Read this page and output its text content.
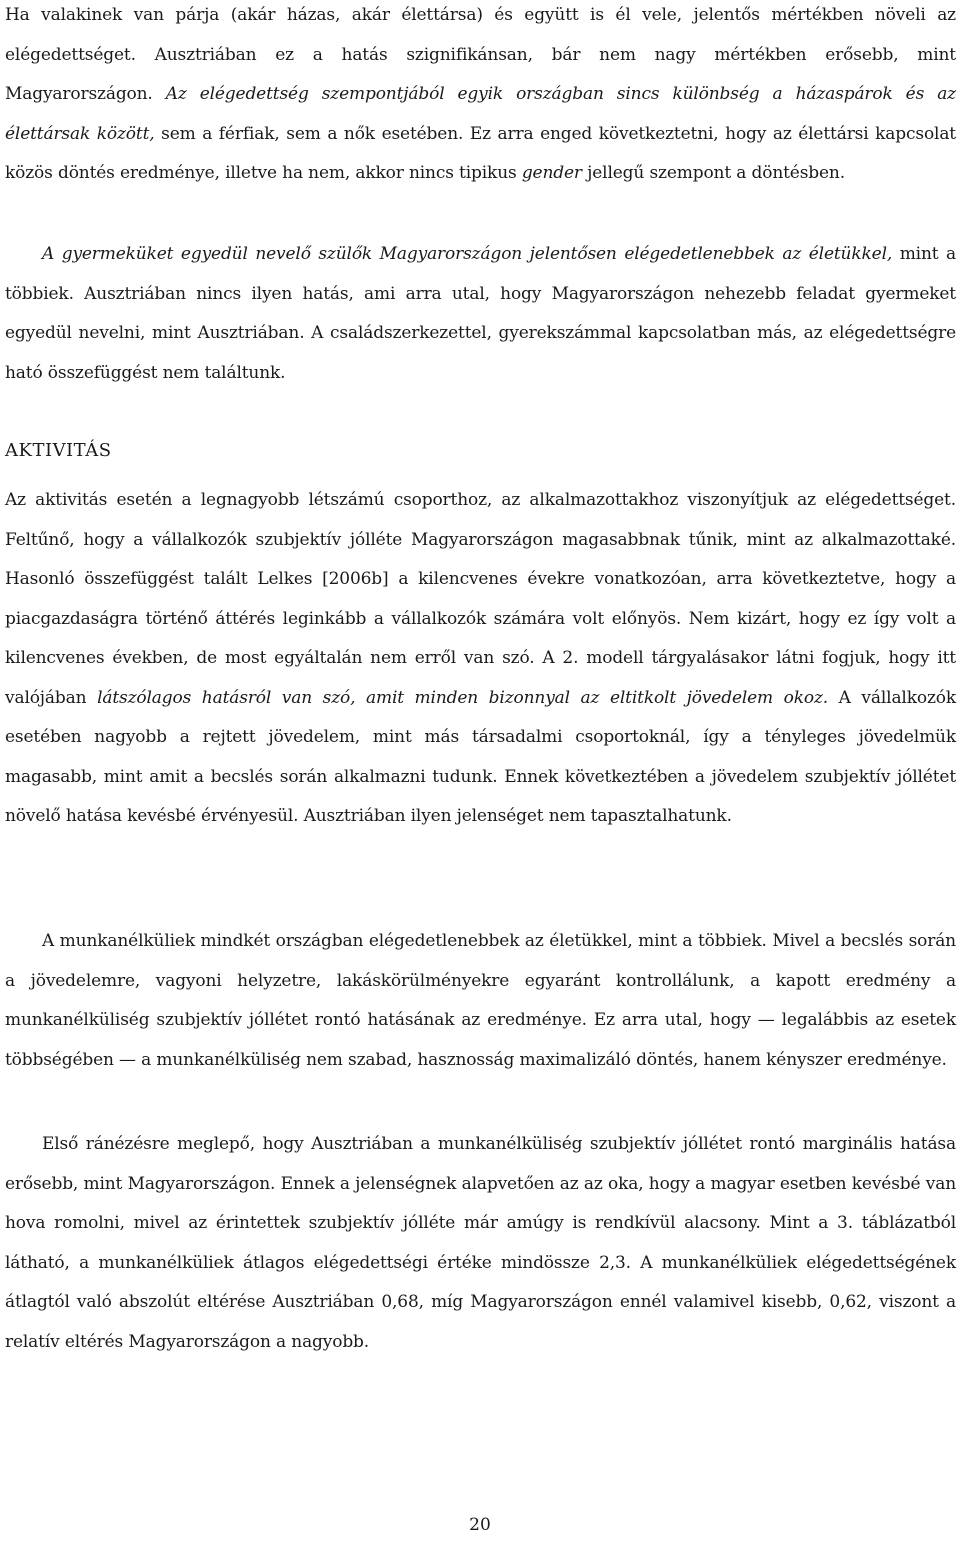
Ha valakinek van párja (akár házas, akár élettársa) és együtt is él vele, jelentős mértékben növeli az elégedettséget. Ausztriában ez a hatás szignifikánsan, bár nem nagy mértékben erősebb, mint Magyarországon. Az elégedettség szempontjából egyik országban sincs különbség a házaspárok és az élettársak között, sem a férfiak, sem a nők esetében. Ez arra enged következtetni, hogy az élettársi kapcsolat közös döntés eredménye, illetve ha nem, akkor nincs tipikus gender jellegű szempont a döntésben.

A gyermeküket egyedül nevelő szülők Magyarországon jelentősen elégedetlenebbek az életükkel, mint a többiek. Ausztriában nincs ilyen hatás, ami arra utal, hogy Magyarországon nehezebb feladat gyermeket egyedül nevelni, mint Ausztriában. A családszerkezettel, gyerekszámmal kapcsolatban más, az elégedettségre ható összefüggést nem találtunk.

AKTIVITÁS

Az aktivitás esetén a legnagyobb létszámú csoporthoz, az alkalmazottakhoz viszonyítjuk az elégedettséget. Feltűnő, hogy a vállalkozók szubjektív jólléte Magyarországon magasabbnak tűnik, mint az alkalmazottaké. Hasonló összefüggést talált Lelkes [2006b] a kilencvenes évekre vonatkozóan, arra következtetve, hogy a piacgazdaságra történő áttérés leginkább a vállalkozók számára volt előnyös. Nem kizárt, hogy ez így volt a kilencvenes években, de most egyáltalán nem erről van szó. A 2. modell tárgyalásakor látni fogjuk, hogy itt valójában látszólagos hatásról van szó, amit minden bizonnyal az eltitkolt jövedelem okoz. A vállalkozók esetében nagyobb a rejtett jövedelem, mint más társadalmi csoportoknál, így a tényleges jövedelmük magasabb, mint amit a becslés során alkalmazni tudunk. Ennek következtében a jövedelem szubjektív jóllétet növelő hatása kevésbé érvényesül. Ausztriában ilyen jelenséget nem tapasztalhatunk.

A munkanélküliek mindkét országban elégedetlenebbek az életükkel, mint a többiek. Mivel a becslés során a jövedelemre, vagyoni helyzetre, lakáskörülményekre egyaránt kontrollálunk, a kapott eredmény a munkanélküliség szubjektív jóllétet rontó hatásának az eredménye. Ez arra utal, hogy — legalábbis az esetek többségében — a munkanélküliség nem szabad, hasznosság maximalizáló döntés, hanem kényszer eredménye.

Első ránézésre meglepő, hogy Ausztriában a munkanélküliség szubjektív jóllétet rontó marginális hatása erősebb, mint Magyarországon. Ennek a jelenségnek alapvetően az az oka, hogy a magyar esetben kevésbé van hova romolni, mivel az érintettek szubjektív jólléte már amúgy is rendkívül alacsony. Mint a 3. táblázatból látható, a munkanélküliek átlagos elégedettségi értéke mindössze 2,3. A munkanélküliek elégedettségének átlagtól való abszolút eltérése Ausztriában 0,68, míg Magyarországon ennél valamivel kisebb, 0,62, viszont a relatív eltérés Magyarországon a nagyobb.

20
